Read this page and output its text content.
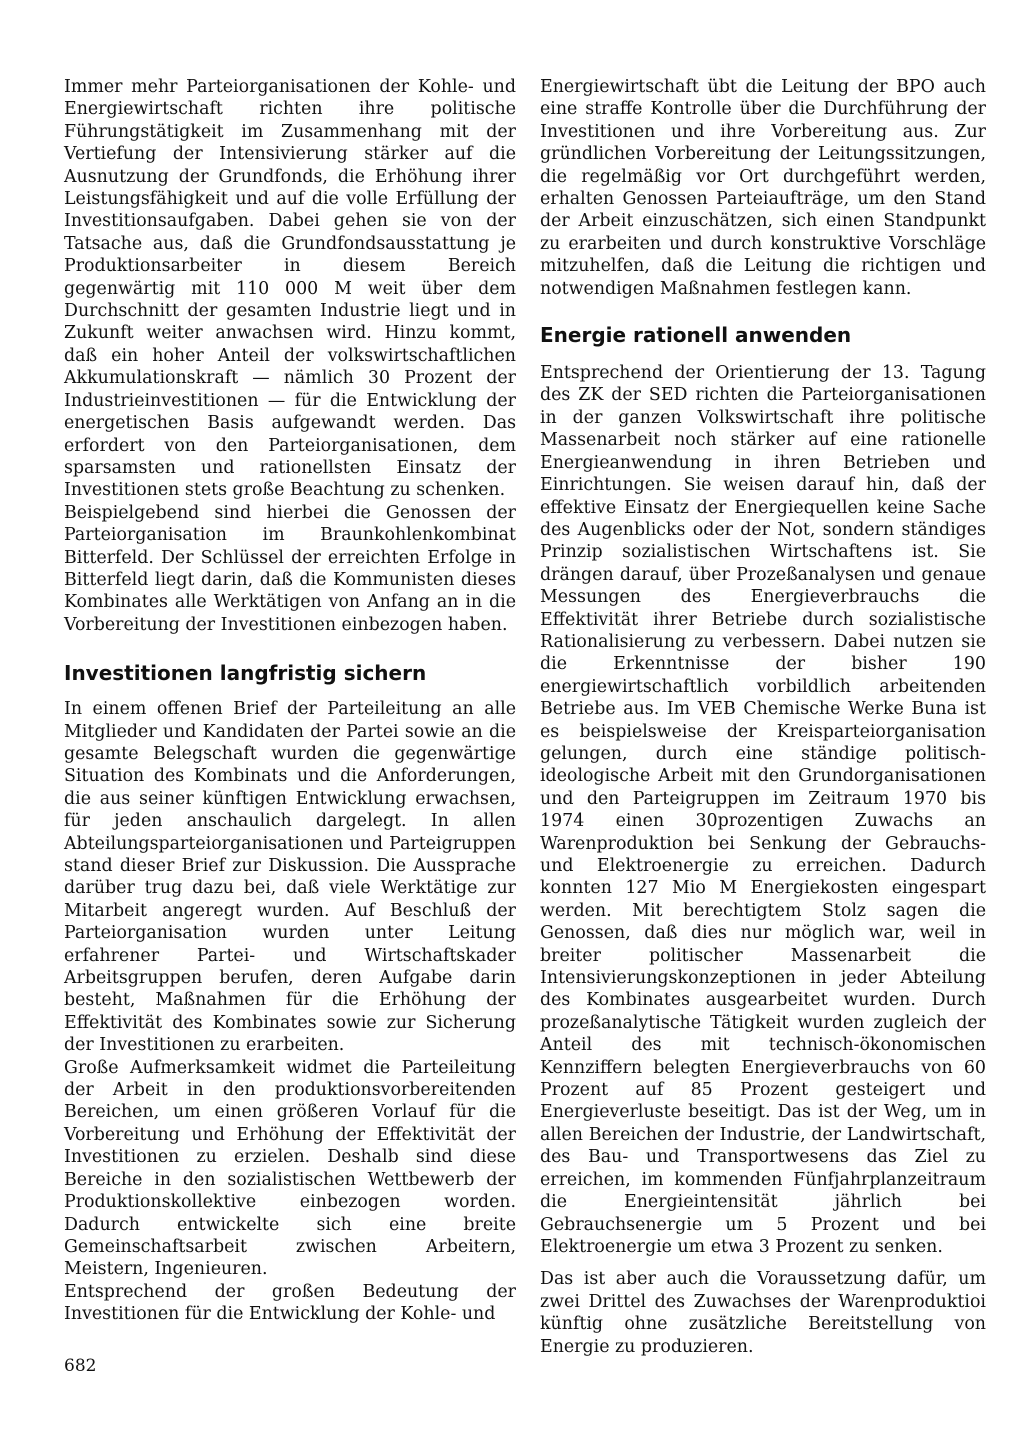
Immer mehr Parteiorganisationen der Kohle- und Energiewirtschaft richten ihre politische Führungstätigkeit im Zusammenhang mit der Vertiefung der Intensivierung stärker auf die Ausnutzung der Grundfonds, die Erhöhung ihrer Leistungsfähigkeit und auf die volle Erfüllung der Investitionsaufgaben. Dabei gehen sie von der Tatsache aus, daß die Grundfondsausstattung je Produktionsarbeiter in diesem Bereich gegenwärtig mit 110 000 M weit über dem Durchschnitt der gesamten Industrie liegt und in Zukunft weiter anwachsen wird. Hinzu kommt, daß ein hoher Anteil der volkswirtschaftlichen Akkumulationskraft — nämlich 30 Prozent der Industrieinvestitionen — für die Entwicklung der energetischen Basis aufgewandt werden. Das erfordert von den Parteiorganisationen, dem sparsamsten und rationellsten Einsatz der Investitionen stets große Beachtung zu schenken.

Beispielgebend sind hierbei die Genossen der Parteiorganisation im Braunkohlenkombinat Bitterfeld. Der Schlüssel der erreichten Erfolge in Bitterfeld liegt darin, daß die Kommunisten dieses Kombinates alle Werktätigen von Anfang an in die Vorbereitung der Investitionen einbezogen haben.

Investitionen langfristig sichern

In einem offenen Brief der Parteileitung an alle Mitglieder und Kandidaten der Partei sowie an die gesamte Belegschaft wurden die gegenwärtige Situation des Kombinats und die Anforderungen, die aus seiner künftigen Entwicklung erwachsen, für jeden anschaulich dargelegt. In allen Abteilungsparteiorganisationen und Parteigruppen stand dieser Brief zur Diskussion. Die Aussprache darüber trug dazu bei, daß viele Werktätige zur Mitarbeit angeregt wurden. Auf Beschluß der Parteiorganisation wurden unter Leitung erfahrener Partei- und Wirtschaftskader Arbeitsgruppen berufen, deren Aufgabe darin besteht, Maßnahmen für die Erhöhung der Effektivität des Kombinates sowie zur Sicherung der Investitionen zu erarbeiten.

Große Aufmerksamkeit widmet die Parteileitung der Arbeit in den produktionsvorbereitenden Bereichen, um einen größeren Vorlauf für die Vorbereitung und Erhöhung der Effektivität der Investitionen zu erzielen. Deshalb sind diese Bereiche in den sozialistischen Wettbewerb der Produktionskollektive einbezogen worden. Dadurch entwickelte sich eine breite Gemeinschaftsarbeit zwischen Arbeitern, Meistern, Ingenieuren.

Entsprechend der großen Bedeutung der Investitionen für die Entwicklung der Kohle- und

Energiewirtschaft übt die Leitung der BPO auch eine straffe Kontrolle über die Durchführung der Investitionen und ihre Vorbereitung aus. Zur gründlichen Vorbereitung der Leitungssitzungen, die regelmäßig vor Ort durchgeführt werden, erhalten Genossen Parteiaufträge, um den Stand der Arbeit einzuschätzen, sich einen Standpunkt zu erarbeiten und durch konstruktive Vorschläge mitzuhelfen, daß die Leitung die richtigen und notwendigen Maßnahmen festlegen kann.

Energie rationell anwenden

Entsprechend der Orientierung der 13. Tagung des ZK der SED richten die Parteiorganisationen in der ganzen Volkswirtschaft ihre politische Massenarbeit noch stärker auf eine rationelle Energieanwendung in ihren Betrieben und Einrichtungen. Sie weisen darauf hin, daß der effektive Einsatz der Energiequellen keine Sache des Augenblicks oder der Not, sondern ständiges Prinzip sozialistischen Wirtschaftens ist. Sie drängen darauf, über Prozeßanalysen und genaue Messungen des Energieverbrauchs die Effektivität ihrer Betriebe durch sozialistische Rationalisierung zu verbessern. Dabei nutzen sie die Erkenntnisse der bisher 190 energiewirtschaftlich vorbildlich arbeitenden Betriebe aus. Im VEB Chemische Werke Buna ist es beispielsweise der Kreisparteiorganisation gelungen, durch eine ständige politisch-ideologische Arbeit mit den Grundorganisationen und den Parteigruppen im Zeitraum 1970 bis 1974 einen 30prozentigen Zuwachs an Warenproduktion bei Senkung der Gebrauchs- und Elektroenergie zu erreichen. Dadurch konnten 127 Mio M Energiekosten eingespart werden. Mit berechtigtem Stolz sagen die Genossen, daß dies nur möglich war, weil in breiter politischer Massenarbeit die Intensivierungskonzeptionen in jeder Abteilung des Kombinates ausgearbeitet wurden. Durch prozeßanalytische Tätigkeit wurden zugleich der Anteil des mit technisch-ökonomischen Kennziffern belegten Energieverbrauchs von 60 Prozent auf 85 Prozent gesteigert und Energieverluste beseitigt. Das ist der Weg, um in allen Bereichen der Industrie, der Landwirtschaft, des Bau- und Transportwesens das Ziel zu erreichen, im kommenden Fünfjahrplanzeitraum die Energieintensität jährlich bei Gebrauchsenergie um 5 Prozent und bei Elektroenergie um etwa 3 Prozent zu senken.

Das ist aber auch die Voraussetzung dafür, um zwei Drittel des Zuwachses der Warenproduktioi künftig ohne zusätzliche Bereitstellung von Energie zu produzieren.

682
